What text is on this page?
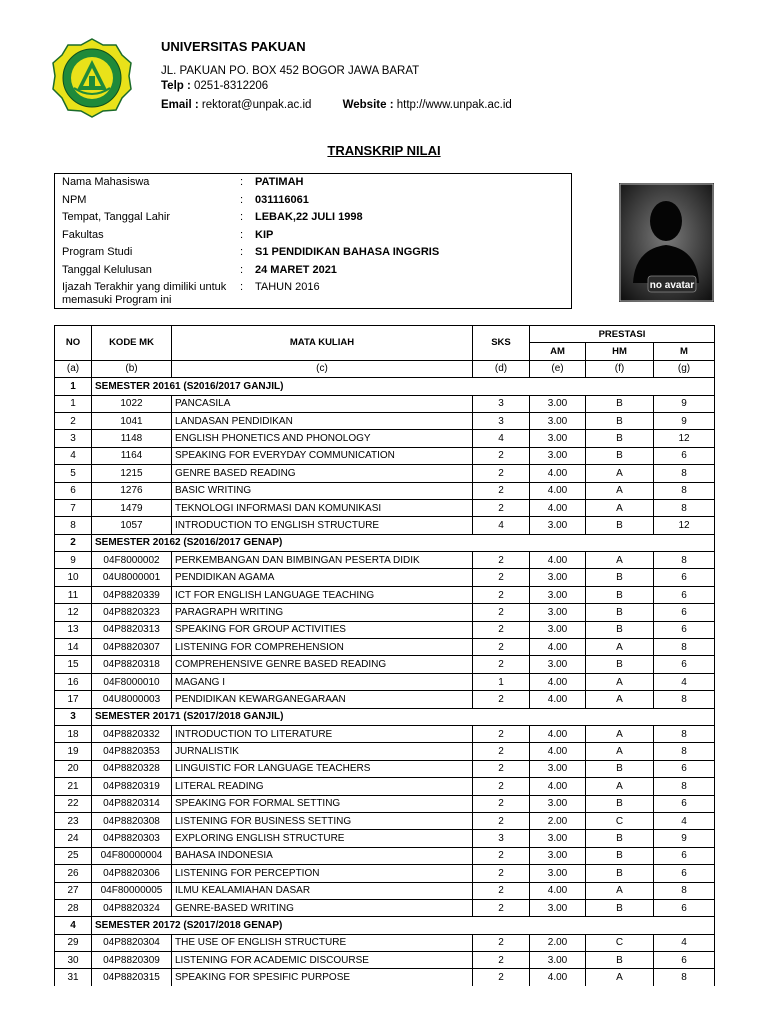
UNIVERSITAS PAKUAN
JL. PAKUAN PO. BOX 452 BOGOR JAWA BARAT
Telp : 0251-8312206
Email : rektorat@unpak.ac.id	Website : http://www.unpak.ac.id
TRANSKRIP NILAI
Nama Mahasiswa	: PATIMAH
NPM	: 031116061
Tempat, Tanggal Lahir	: LEBAK,22 JULI 1998
Fakultas	: KIP
Program Studi	: S1 PENDIDIKAN BAHASA INGGRIS
Tanggal Kelulusan	: 24 MARET 2021
Ijazah Terakhir yang dimiliki untuk memasuki Program ini
: TAHUN 2016	no avatar
NO	KODE MK	MATA KULIAH	SKS	PRESTASI		
				AM	HM	M
(a)	(b)	(c)	(d)	(e)	(f)	(g)
1	SEMESTER 20161 (S2016/2017 GANJIL)					
1	1022	PANCASILA	3	3.00	B	9
2	1041	LANDASAN PENDIDIKAN	3	3.00	B	9
3	1148	ENGLISH PHONETICS AND PHONOLOGY	4	3.00	B	12
4	1164	SPEAKING FOR EVERYDAY COMMUNICATION	2	3.00	B	6
5	1215	GENRE BASED READING	2	4.00	A	8
6	1276	BASIC WRITING	2	4.00	A	8
7	1479	TEKNOLOGI INFORMASI DAN KOMUNIKASI	2	4.00	A	8
8	1057	INTRODUCTION TO ENGLISH STRUCTURE	4	3.00	B	12
2	SEMESTER 20162 (S2016/2017 GENAP)					
9	04F8000002	PERKEMBANGAN DAN BIMBINGAN PESERTA DIDIK	2	4.00	A	8
10	04U8000001	PENDIDIKAN AGAMA	2	3.00	B	6
11	04P8820339	ICT FOR ENGLISH LANGUAGE TEACHING	2	3.00	B	6
12	04P8820323	PARAGRAPH WRITING	2	3.00	B	6
13	04P8820313	SPEAKING FOR GROUP ACTIVITIES	2	3.00	B	6
14	04P8820307	LISTENING FOR COMPREHENSION	2	4.00	A	8
15	04P8820318	COMPREHENSIVE GENRE BASED READING	2	3.00	B	6
16	04F8000010	MAGANG I	1	4.00	A	4
17	04U8000003	PENDIDIKAN KEWARGANEGARAAN	2	4.00	A	8
3	SEMESTER 20171 (S2017/2018 GANJIL)					
18	04P8820332	INTRODUCTION TO LITERATURE	2	4.00	A	8
19	04P8820353	JURNALISTIK	2	4.00	A	8
20	04P8820328	LINGUISTIC FOR LANGUAGE TEACHERS	2	3.00	B	6
21	04P8820319	LITERAL READING	2	4.00	A	8
22	04P8820314	SPEAKING FOR FORMAL SETTING	2	3.00	B	6
23	04P8820308	LISTENING FOR BUSINESS SETTING	2	2.00	C	4
24	04P8820303	EXPLORING ENGLISH STRUCTURE	3	3.00	B	9
25	04F80000004	BAHASA INDONESIA	2	3.00	B	6
26	04P8820306	LISTENING FOR PERCEPTION	2	3.00	B	6
27	04F80000005	ILMU KEALAMIAHAN DASAR	2	4.00	A	8
28	04P8820324	GENRE-BASED WRITING	2	3.00	B	6
4	SEMESTER 20172 (S2017/2018 GENAP)					
29	04P8820304	THE USE OF ENGLISH STRUCTURE	2	2.00	C	4
30	04P8820309	LISTENING FOR ACADEMIC DISCOURSE	2	3.00	B	6
31	04P8820315	SPEAKING FOR SPESIFIC PURPOSE	2	4.00	A	8
